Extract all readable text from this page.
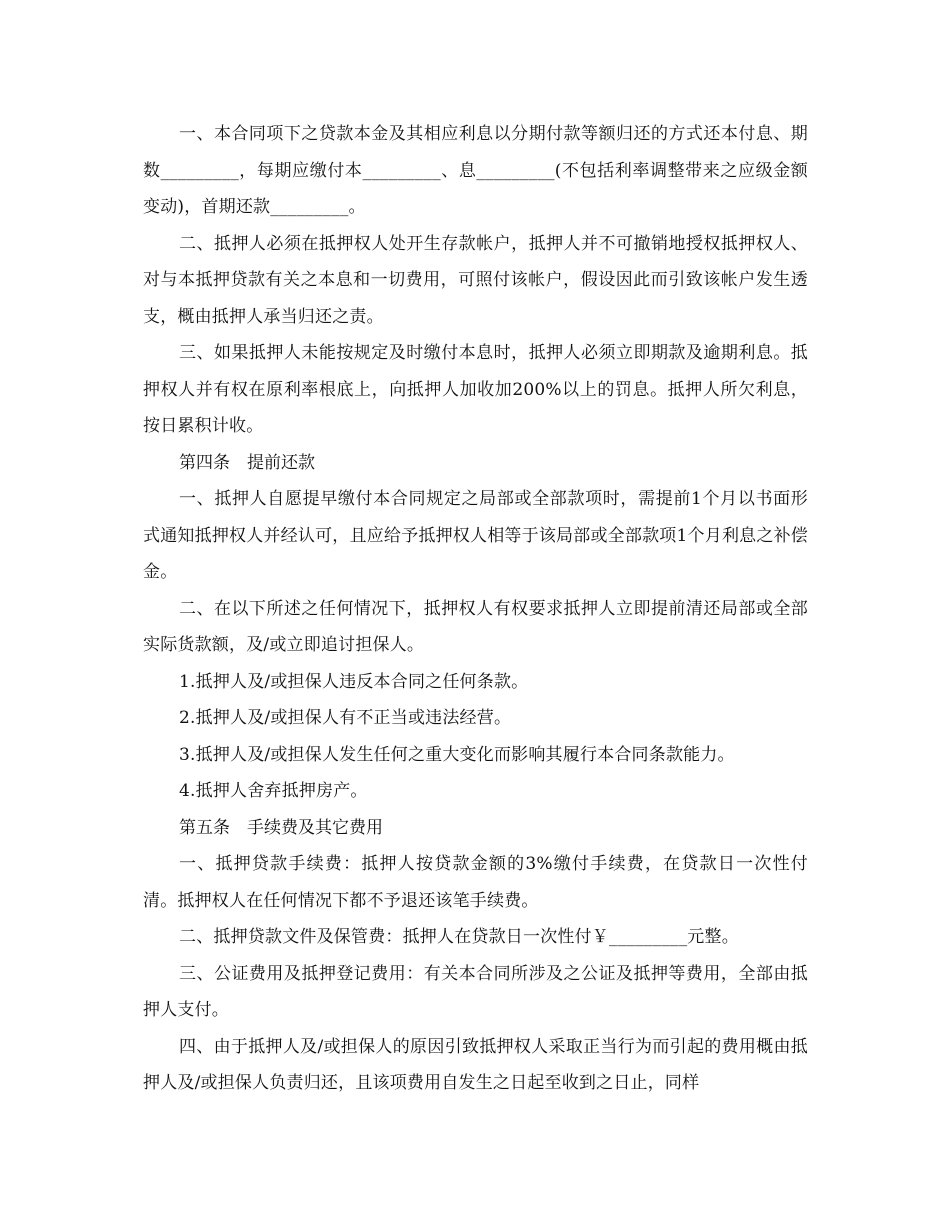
一、本合同项下之贷款本金及其相应利息以分期付款等额归还的方式还本付息、期数_________，每期应缴付本_________、息_________(不包括利率调整带来之应级金额变动)，首期还款_________。

二、抵押人必须在抵押权人处开生存款帐户，抵押人并不可撤销地授权抵押权人、对与本抵押贷款有关之本息和一切费用，可照付该帐户，假设因此而引致该帐户发生透支，概由抵押人承当归还之责。

三、如果抵押人未能按规定及时缴付本息时，抵押人必须立即期款及逾期利息。抵押权人并有权在原利率根底上，向抵押人加收加200%以上的罚息。抵押人所欠利息，按日累积计收。

第四条　提前还款

一、抵押人自愿提早缴付本合同规定之局部或全部款项时，需提前1个月以书面形式通知抵押权人并经认可，且应给予抵押权人相等于该局部或全部款项1个月利息之补偿金。

二、在以下所述之任何情况下，抵押权人有权要求抵押人立即提前清还局部或全部实际货款额，及/或立即追讨担保人。

1.抵押人及/或担保人违反本合同之任何条款。

2.抵押人及/或担保人有不正当或违法经营。

3.抵押人及/或担保人发生任何之重大变化而影响其履行本合同条款能力。

4.抵押人舍弃抵押房产。

第五条　手续费及其它费用

一、抵押贷款手续费：抵押人按贷款金额的3%缴付手续费，在贷款日一次性付清。抵押权人在任何情况下都不予退还该笔手续费。

二、抵押贷款文件及保管费：抵押人在贷款日一次性付￥_________元整。

三、公证费用及抵押登记费用：有关本合同所涉及之公证及抵押等费用，全部由抵押人支付。

四、由于抵押人及/或担保人的原因引致抵押权人采取正当行为而引起的费用概由抵押人及/或担保人负责归还，且该项费用自发生之日起至收到之日止，同样
